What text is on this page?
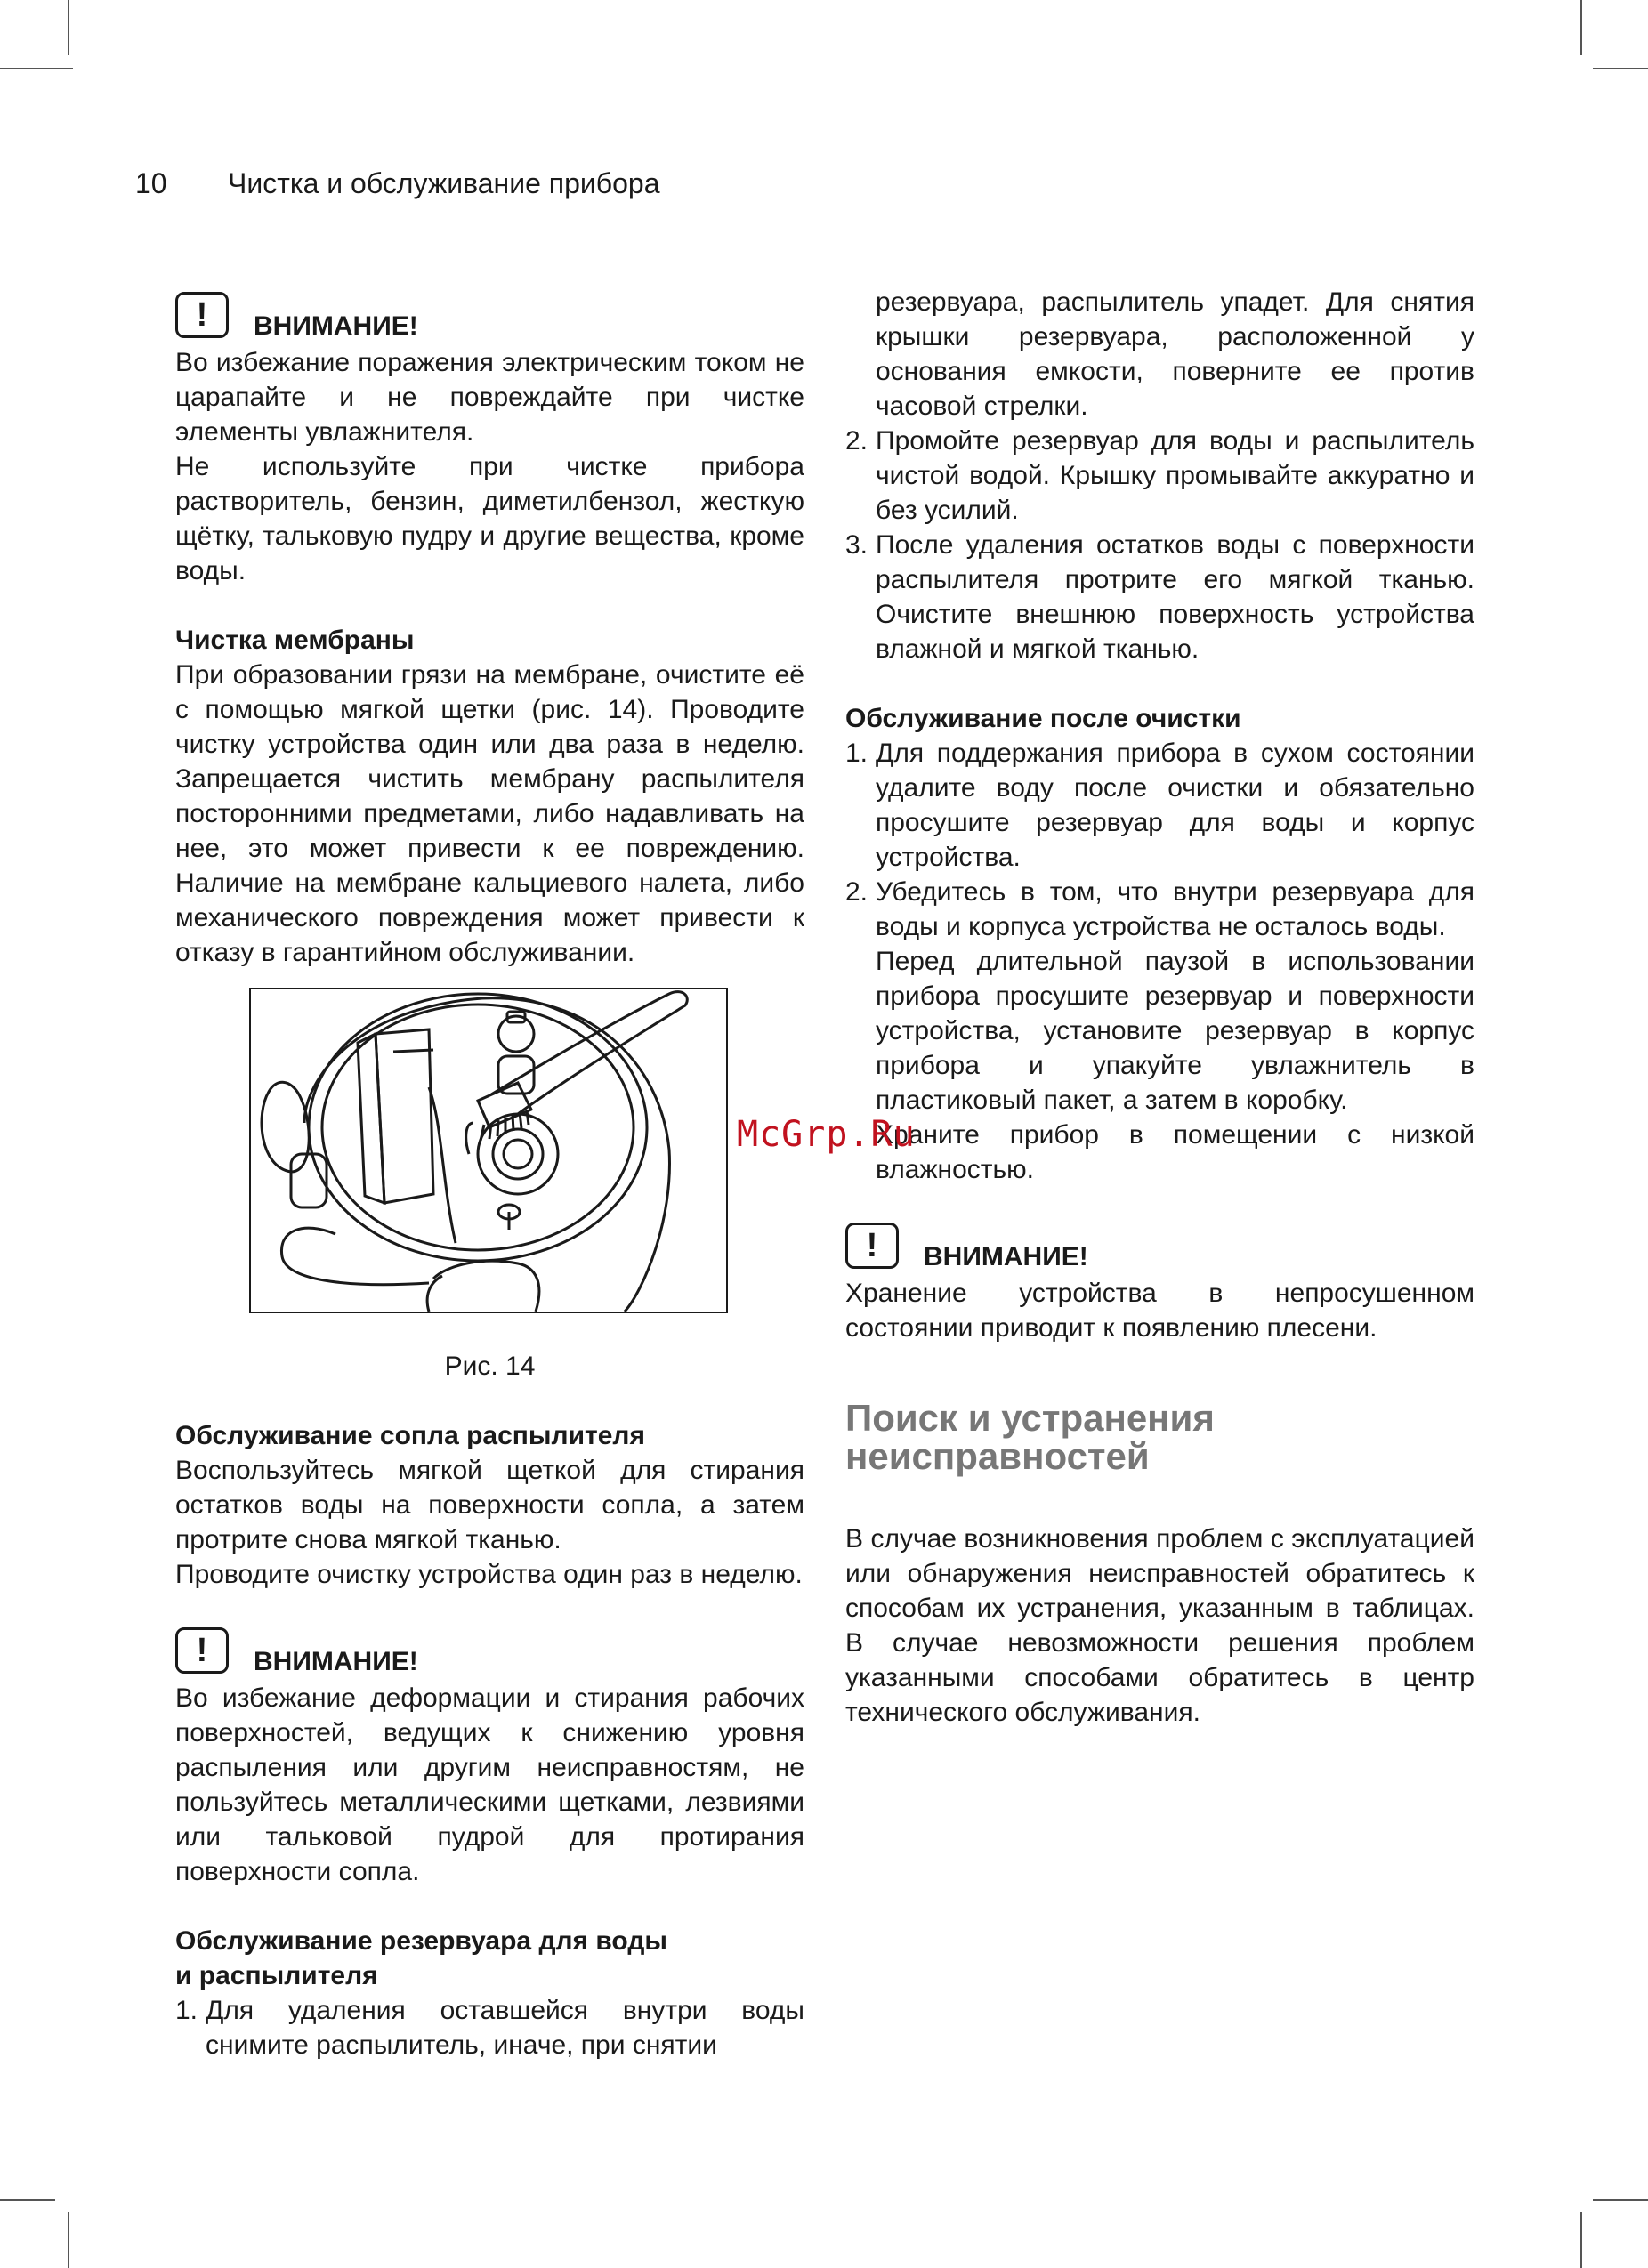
10	Чистка и обслуживание прибора
!	ВНИМАНИЕ!

Во избежание поражения электрическим током не царапайте и не повреждайте при чистке элементы увлажнителя.

Не используйте при чистке прибора растворитель, бензин, диметилбензол, жесткую щётку, тальковую пудру и другие вещества, кроме воды.

Чистка мембраны

При образовании грязи на мембране, очистите её с помощью мягкой щетки (рис. 14). Проводите чистку устройства один или два раза в неделю. Запрещается чистить мембрану распылителя посторонними предметами, либо надавливать на нее, это может привести к ее повреждению. Наличие на мембране кальциевого налета, либо механического повреждения может привести к отказу в гарантийном обслуживании.

Рис. 14

Обслуживание сопла распылителя

Воспользуйтесь мягкой щеткой для стирания остатков воды на поверхности сопла, а затем протрите снова мягкой тканью.

Проводите очистку устройства один раз в неделю.

!	ВНИМАНИЕ!

Во избежание деформации и стирания рабочих поверхностей, ведущих к снижению уровня распыления или другим неисправностям, не пользуйтесь металлическими щетками, лезвиями или тальковой пудрой для протирания поверхности сопла.

Обслуживание резервуара для воды
и распылителя

1. Для удаления оставшейся внутри воды снимите распылитель, иначе, при снятии

резервуара, распылитель упадет. Для снятия крышки резервуара, расположенной у основания емкости, поверните ее против часовой стрелки.

2. Промойте резервуар для воды и распылитель чистой водой. Крышку промывайте аккуратно и без усилий.
3. После удаления остатков воды с поверхности распылителя протрите его мягкой тканью. Очистите внешнюю поверхность устройства влажной и мягкой тканью.

Обслуживание после очистки

1. Для поддержания прибора в сухом состоянии удалите воду после очистки и обязательно просушите резервуар для воды и корпус устройства.
2. Убедитесь в том, что внутри резервуара для воды и корпуса устройства не осталось воды.

Перед длительной паузой в использовании прибора просушите резервуар и поверхности устройства, установите резервуар в корпус прибора и упакуйте увлажнитель в пластиковый пакет, а затем в коробку.

Храните прибор в помещении с низкой влажностью.

!	ВНИМАНИЕ!

Хранение устройства в непросушенном состоянии приводит к появлению плесени.

Поиск и устранения
неисправностей

В случае возникновения проблем с эксплуатацией или обнаружения неисправностей обратитесь к способам их устранения, указанным в таблицах. В случае невозможности решения проблем указанными способами обратитесь в центр технического обслуживания.

McGrp.Ru
